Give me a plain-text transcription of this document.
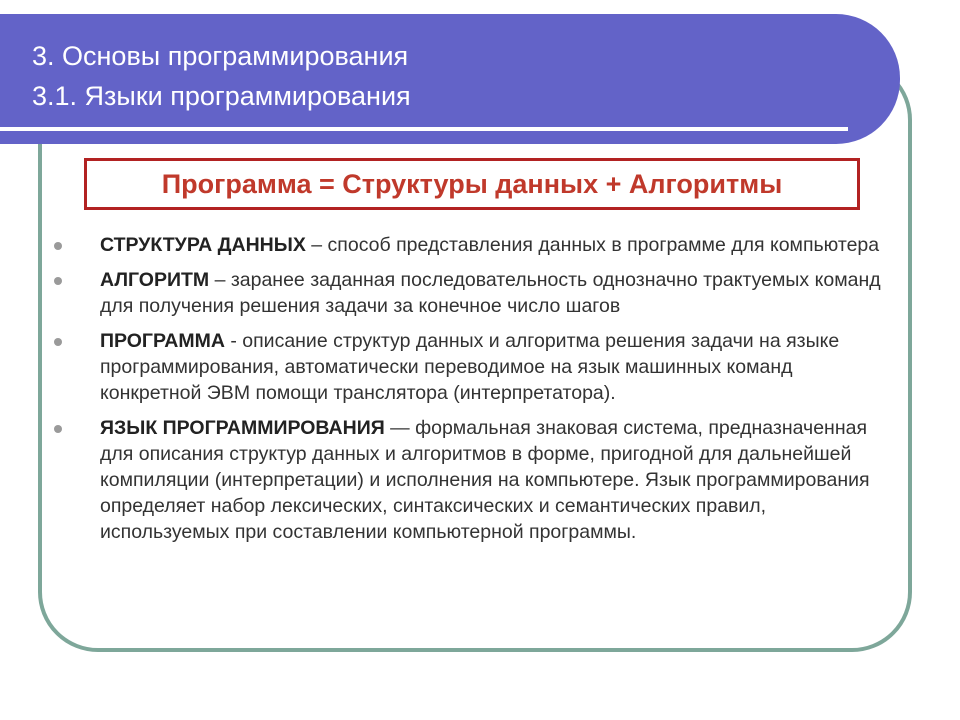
3. Основы программирования
3.1. Языки программирования
Программа = Структуры данных + Алгоритмы
СТРУКТУРА ДАННЫХ – способ представления данных в программе для компьютера
АЛГОРИТМ – заранее заданная последовательность однозначно трактуемых команд для получения решения задачи за конечное число шагов
ПРОГРАММА - описание структур данных и алгоритма решения задачи на языке программирования, автоматически переводимое на язык машинных команд конкретной ЭВМ помощи транслятора (интерпретатора).
ЯЗЫК ПРОГРАММИРОВАНИЯ — формальная знаковая система, предназначенная для описания структур данных и алгоритмов в форме, пригодной для дальнейшей компиляции (интерпретации) и исполнения на компьютере. Язык программирования определяет набор лексических, синтаксических и семантических правил, используемых при составлении компьютерной программы.
